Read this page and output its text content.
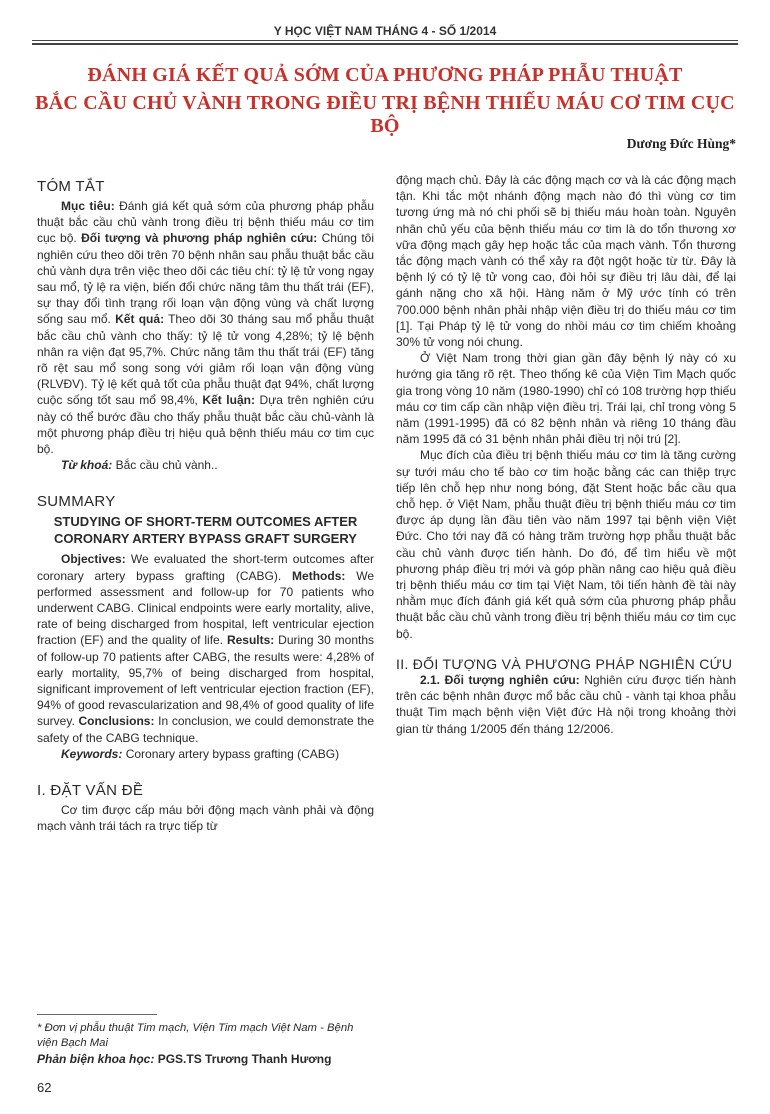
Y HỌC VIỆT NAM THÁNG 4 - SỐ 1/2014
ĐÁNH GIÁ KẾT QUẢ SỚM CỦA PHƯƠNG PHÁP PHẪU THUẬT
BẮC CẦU CHỦ VÀNH TRONG ĐIỀU TRỊ BỆNH THIẾU MÁU CƠ TIM CỤC BỘ
Dương Đức Hùng*
TÓM TẮT

Mục tiêu: Đánh giá kết quả sớm của phương pháp phẫu thuật bắc cầu chủ vành trong điều trị bệnh thiếu máu cơ tim cục bộ. Đối tượng và phương pháp nghiên cứu: Chúng tôi nghiên cứu theo dõi trên 70 bệnh nhân sau phẫu thuật bắc cầu chủ vành dựa trên việc theo dõi các tiêu chí: tỷ lệ tử vong ngay sau mổ, tỷ lệ ra viện, biến đổi chức năng tâm thu thất trái (EF), sự thay đổi tình trạng rối loạn vận động vùng và chất lượng sống sau mổ. Kết quả: Theo dõi 30 tháng sau mổ phẫu thuật bắc cầu chủ vành cho thấy: tỷ lệ tử vong 4,28%; tỷ lệ bệnh nhân ra viện đạt 95,7%. Chức năng tâm thu thất trái (EF) tăng rõ rệt sau mổ song song với giảm rối loạn vận động vùng (RLVĐV). Tỷ lệ kết quả tốt của phẫu thuật đạt 94%, chất lượng cuộc sống tốt sau mổ 98,4%, Kết luận: Dựa trên nghiên cứu này có thể bước đầu cho thấy phẫu thuật bắc cầu chủ-vành là một phương pháp điều trị hiệu quả bệnh thiếu máu cơ tim cục bộ.

Từ khoá: Bắc cầu chủ vành..

SUMMARY
STUDYING OF SHORT-TERM OUTCOMES AFTER CORONARY ARTERY BYPASS GRAFT SURGERY

Objectives: We evaluated the short-term outcomes after coronary artery bypass grafting (CABG). Methods: We performed assessment and follow-up for 70 patients who underwent CABG. Clinical endpoints were early mortality, alive, rate of being discharged from hospital, left ventricular ejection fraction (EF) and the quality of life. Results: During 30 months of follow-up 70 patients after CABG, the results were: 4,28% of early mortality, 95,7% of being discharged from hospital, significant improvement of left ventricular ejection fraction (EF), 94% of good revascularization and 98,4% of good quality of life survey. Conclusions: In conclusion, we could demonstrate the safety of the CABG technique.

Keywords: Coronary artery bypass grafting (CABG)

I. ĐẶT VẤN ĐỀ

Cơ tim được cấp máu bởi động mạch vành phải và động mạch vành trái tách ra trực tiếp từ

động mạch chủ. Đây là các động mạch cơ và là các động mạch tận. Khi tắc một nhánh động mạch nào đó thì vùng cơ tim tương ứng mà nó chi phối sẽ bị thiếu máu hoàn toàn. Nguyên nhân chủ yếu của bệnh thiếu máu cơ tim là do tổn thương xơ vữa động mạch gây hẹp hoặc tắc của mạch vành. Tổn thương tắc động mạch vành có thể xảy ra đột ngột hoặc từ từ. Đây là bệnh lý có tỷ lệ tử vong cao, đòi hỏi sự điều trị lâu dài, để lại gánh nặng cho xã hội. Hàng năm ở Mỹ ước tính có trên 700.000 bệnh nhân phải nhập viện điều trị do thiếu máu cơ tim [1]. Tại Pháp tỷ lệ tử vong do nhồi máu cơ tim chiếm khoảng 30% tử vong nói chung.

Ở Việt Nam trong thời gian gần đây bệnh lý này có xu hướng gia tăng rõ rệt. Theo thống kê của Viện Tim Mạch quốc gia trong vòng 10 năm (1980-1990) chỉ có 108 trường hợp thiếu máu cơ tim cấp cần nhập viện điều trị. Trái lại, chỉ trong vòng 5 năm (1991-1995) đã có 82 bệnh nhân và riêng 10 tháng đầu năm 1995 đã có 31 bệnh nhân phải điều trị nội trú [2].

Mục đích của điều trị bệnh thiếu máu cơ tim là tăng cường sự tưới máu cho tế bào cơ tim hoặc bằng các can thiệp trực tiếp lên chỗ hẹp như nong bóng, đặt Stent hoặc bắc cầu qua chỗ hẹp. ở Việt Nam, phẫu thuật điều trị bệnh thiếu máu cơ tim được áp dụng lần đầu tiên vào năm 1997 tại bệnh viện Việt Đức. Cho tới nay đã có hàng trăm trường hợp phẫu thuật bắc cầu chủ vành được tiến hành. Do đó, để tìm hiểu về một phương pháp điều trị mới và góp phần nâng cao hiệu quả điều trị bệnh thiếu máu cơ tim tại Việt Nam, tôi tiến hành đề tài này nhằm mục đích đánh giá kết quả sớm của phương pháp phẫu thuật bắc cầu chủ vành trong điều trị bệnh thiếu máu cơ tim cục bộ.

II. ĐỐI TƯỢNG VÀ PHƯƠNG PHÁP NGHIÊN CỨU

2.1. Đối tượng nghiên cứu: Nghiên cứu được tiến hành trên các bệnh nhân được mổ bắc cầu chủ - vành tại khoa phẫu thuật Tim mạch bệnh viện Việt đức Hà nội trong khoảng thời gian từ tháng 1/2005 đến tháng 12/2006.

* Đơn vị phẫu thuật Tim mạch, Viện Tim mạch Việt Nam - Bệnh viện Bạch Mai
Phản biện khoa học: PGS.TS Trương Thanh Hương
62
